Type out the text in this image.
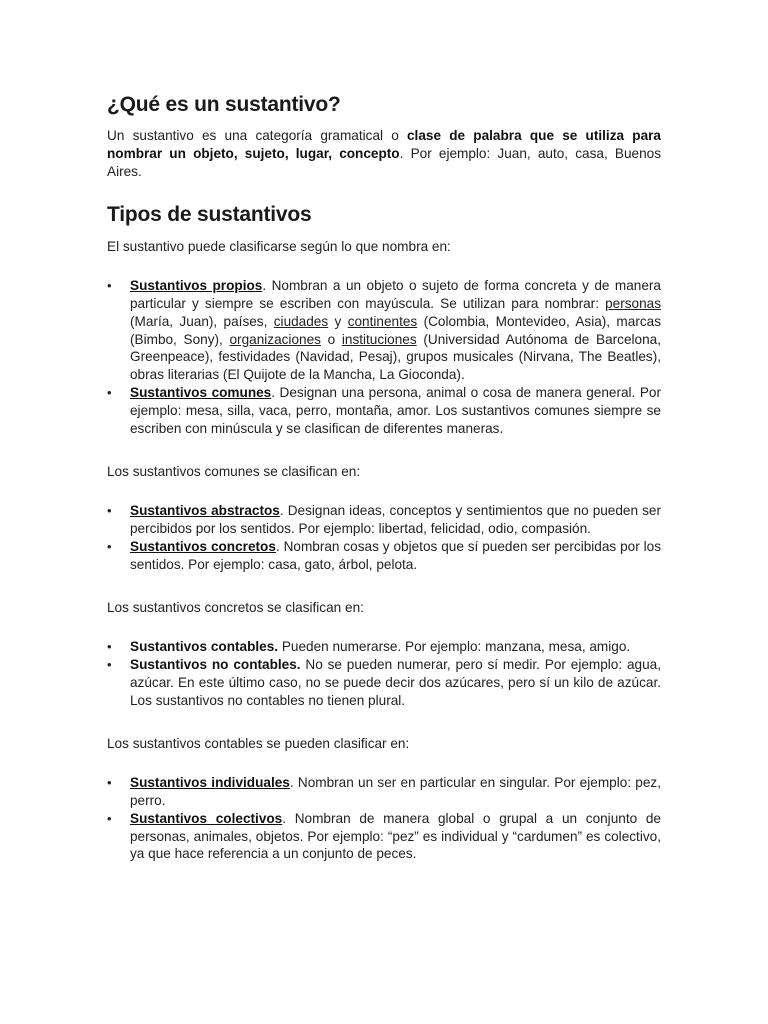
¿Qué es un sustantivo?

Un sustantivo es una categoría gramatical o clase de palabra que se utiliza para nombrar un objeto, sujeto, lugar, concepto. Por ejemplo: Juan, auto, casa, Buenos Aires.

Tipos de sustantivos

El sustantivo puede clasificarse según lo que nombra en:

• Sustantivos propios. Nombran a un objeto o sujeto de forma concreta y de manera particular y siempre se escriben con mayúscula. Se utilizan para nombrar: personas (María, Juan), países, ciudades y continentes (Colombia, Montevideo, Asia), marcas (Bimbo, Sony), organizaciones o instituciones (Universidad Autónoma de Barcelona, Greenpeace), festividades (Navidad, Pesaj), grupos musicales (Nirvana, The Beatles), obras literarias (El Quijote de la Mancha, La Gioconda).
• Sustantivos comunes. Designan una persona, animal o cosa de manera general. Por ejemplo: mesa, silla, vaca, perro, montaña, amor. Los sustantivos comunes siempre se escriben con minúscula y se clasifican de diferentes maneras.

Los sustantivos comunes se clasifican en:

• Sustantivos abstractos. Designan ideas, conceptos y sentimientos que no pueden ser percibidos por los sentidos. Por ejemplo: libertad, felicidad, odio, compasión.
• Sustantivos concretos. Nombran cosas y objetos que sí pueden ser percibidas por los sentidos. Por ejemplo: casa, gato, árbol, pelota.

Los sustantivos concretos se clasifican en:

• Sustantivos contables. Pueden numerarse. Por ejemplo: manzana, mesa, amigo.
• Sustantivos no contables. No se pueden numerar, pero sí medir. Por ejemplo: agua, azúcar. En este último caso, no se puede decir dos azúcares, pero sí un kilo de azúcar. Los sustantivos no contables no tienen plural.

Los sustantivos contables se pueden clasificar en:

• Sustantivos individuales. Nombran un ser en particular en singular. Por ejemplo: pez, perro.
• Sustantivos colectivos. Nombran de manera global o grupal a un conjunto de personas, animales, objetos. Por ejemplo: “pez” es individual y “cardumen” es colectivo, ya que hace referencia a un conjunto de peces.
